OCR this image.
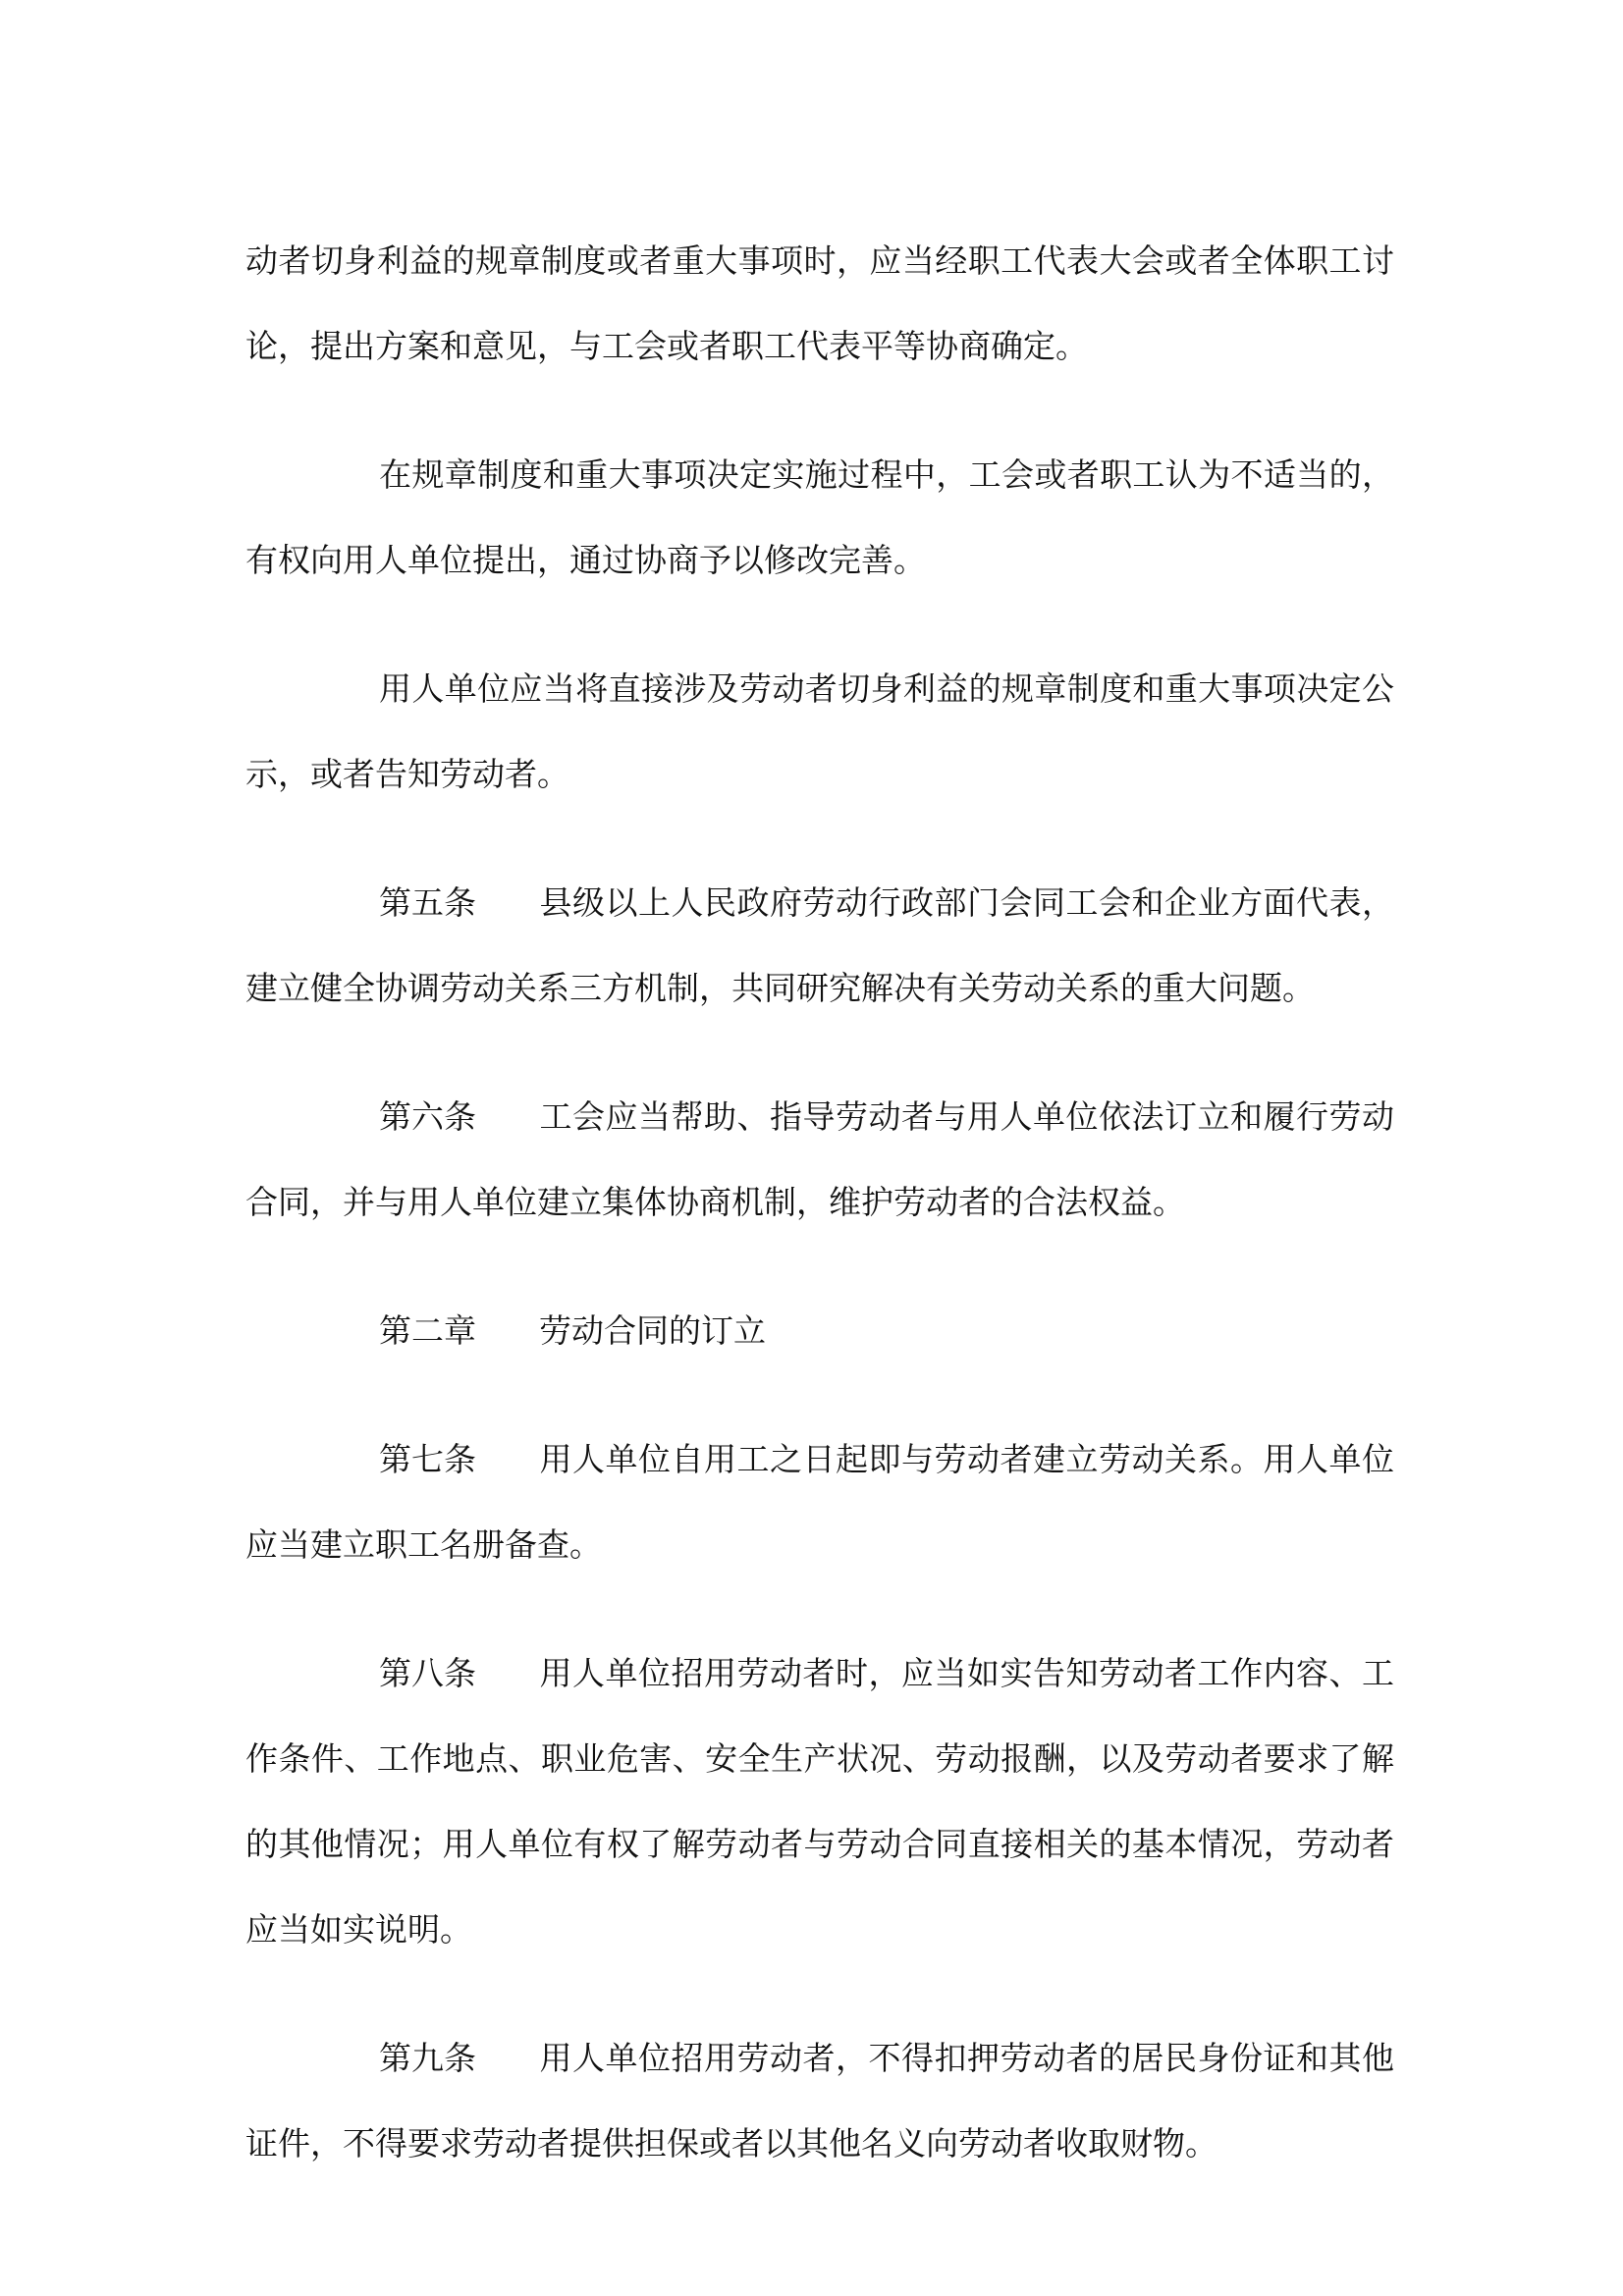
动者切身利益的规章制度或者重大事项时，应当经职工代表大会或者全体职工讨论，提出方案和意见，与工会或者职工代表平等协商确定。

在规章制度和重大事项决定实施过程中，工会或者职工认为不适当的，有权向用人单位提出，通过协商予以修改完善。

用人单位应当将直接涉及劳动者切身利益的规章制度和重大事项决定公示，或者告知劳动者。

第五条 县级以上人民政府劳动行政部门会同工会和企业方面代表，建立健全协调劳动关系三方机制，共同研究解决有关劳动关系的重大问题。

第六条 工会应当帮助、指导劳动者与用人单位依法订立和履行劳动合同，并与用人单位建立集体协商机制，维护劳动者的合法权益。

第二章 劳动合同的订立

第七条 用人单位自用工之日起即与劳动者建立劳动关系。用人单位应当建立职工名册备查。

第八条 用人单位招用劳动者时，应当如实告知劳动者工作内容、工作条件、工作地点、职业危害、安全生产状况、劳动报酬，以及劳动者要求了解的其他情况；用人单位有权了解劳动者与劳动合同直接相关的基本情况，劳动者应当如实说明。

第九条 用人单位招用劳动者，不得扣押劳动者的居民身份证和其他证件，不得要求劳动者提供担保或者以其他名义向劳动者收取财物。
